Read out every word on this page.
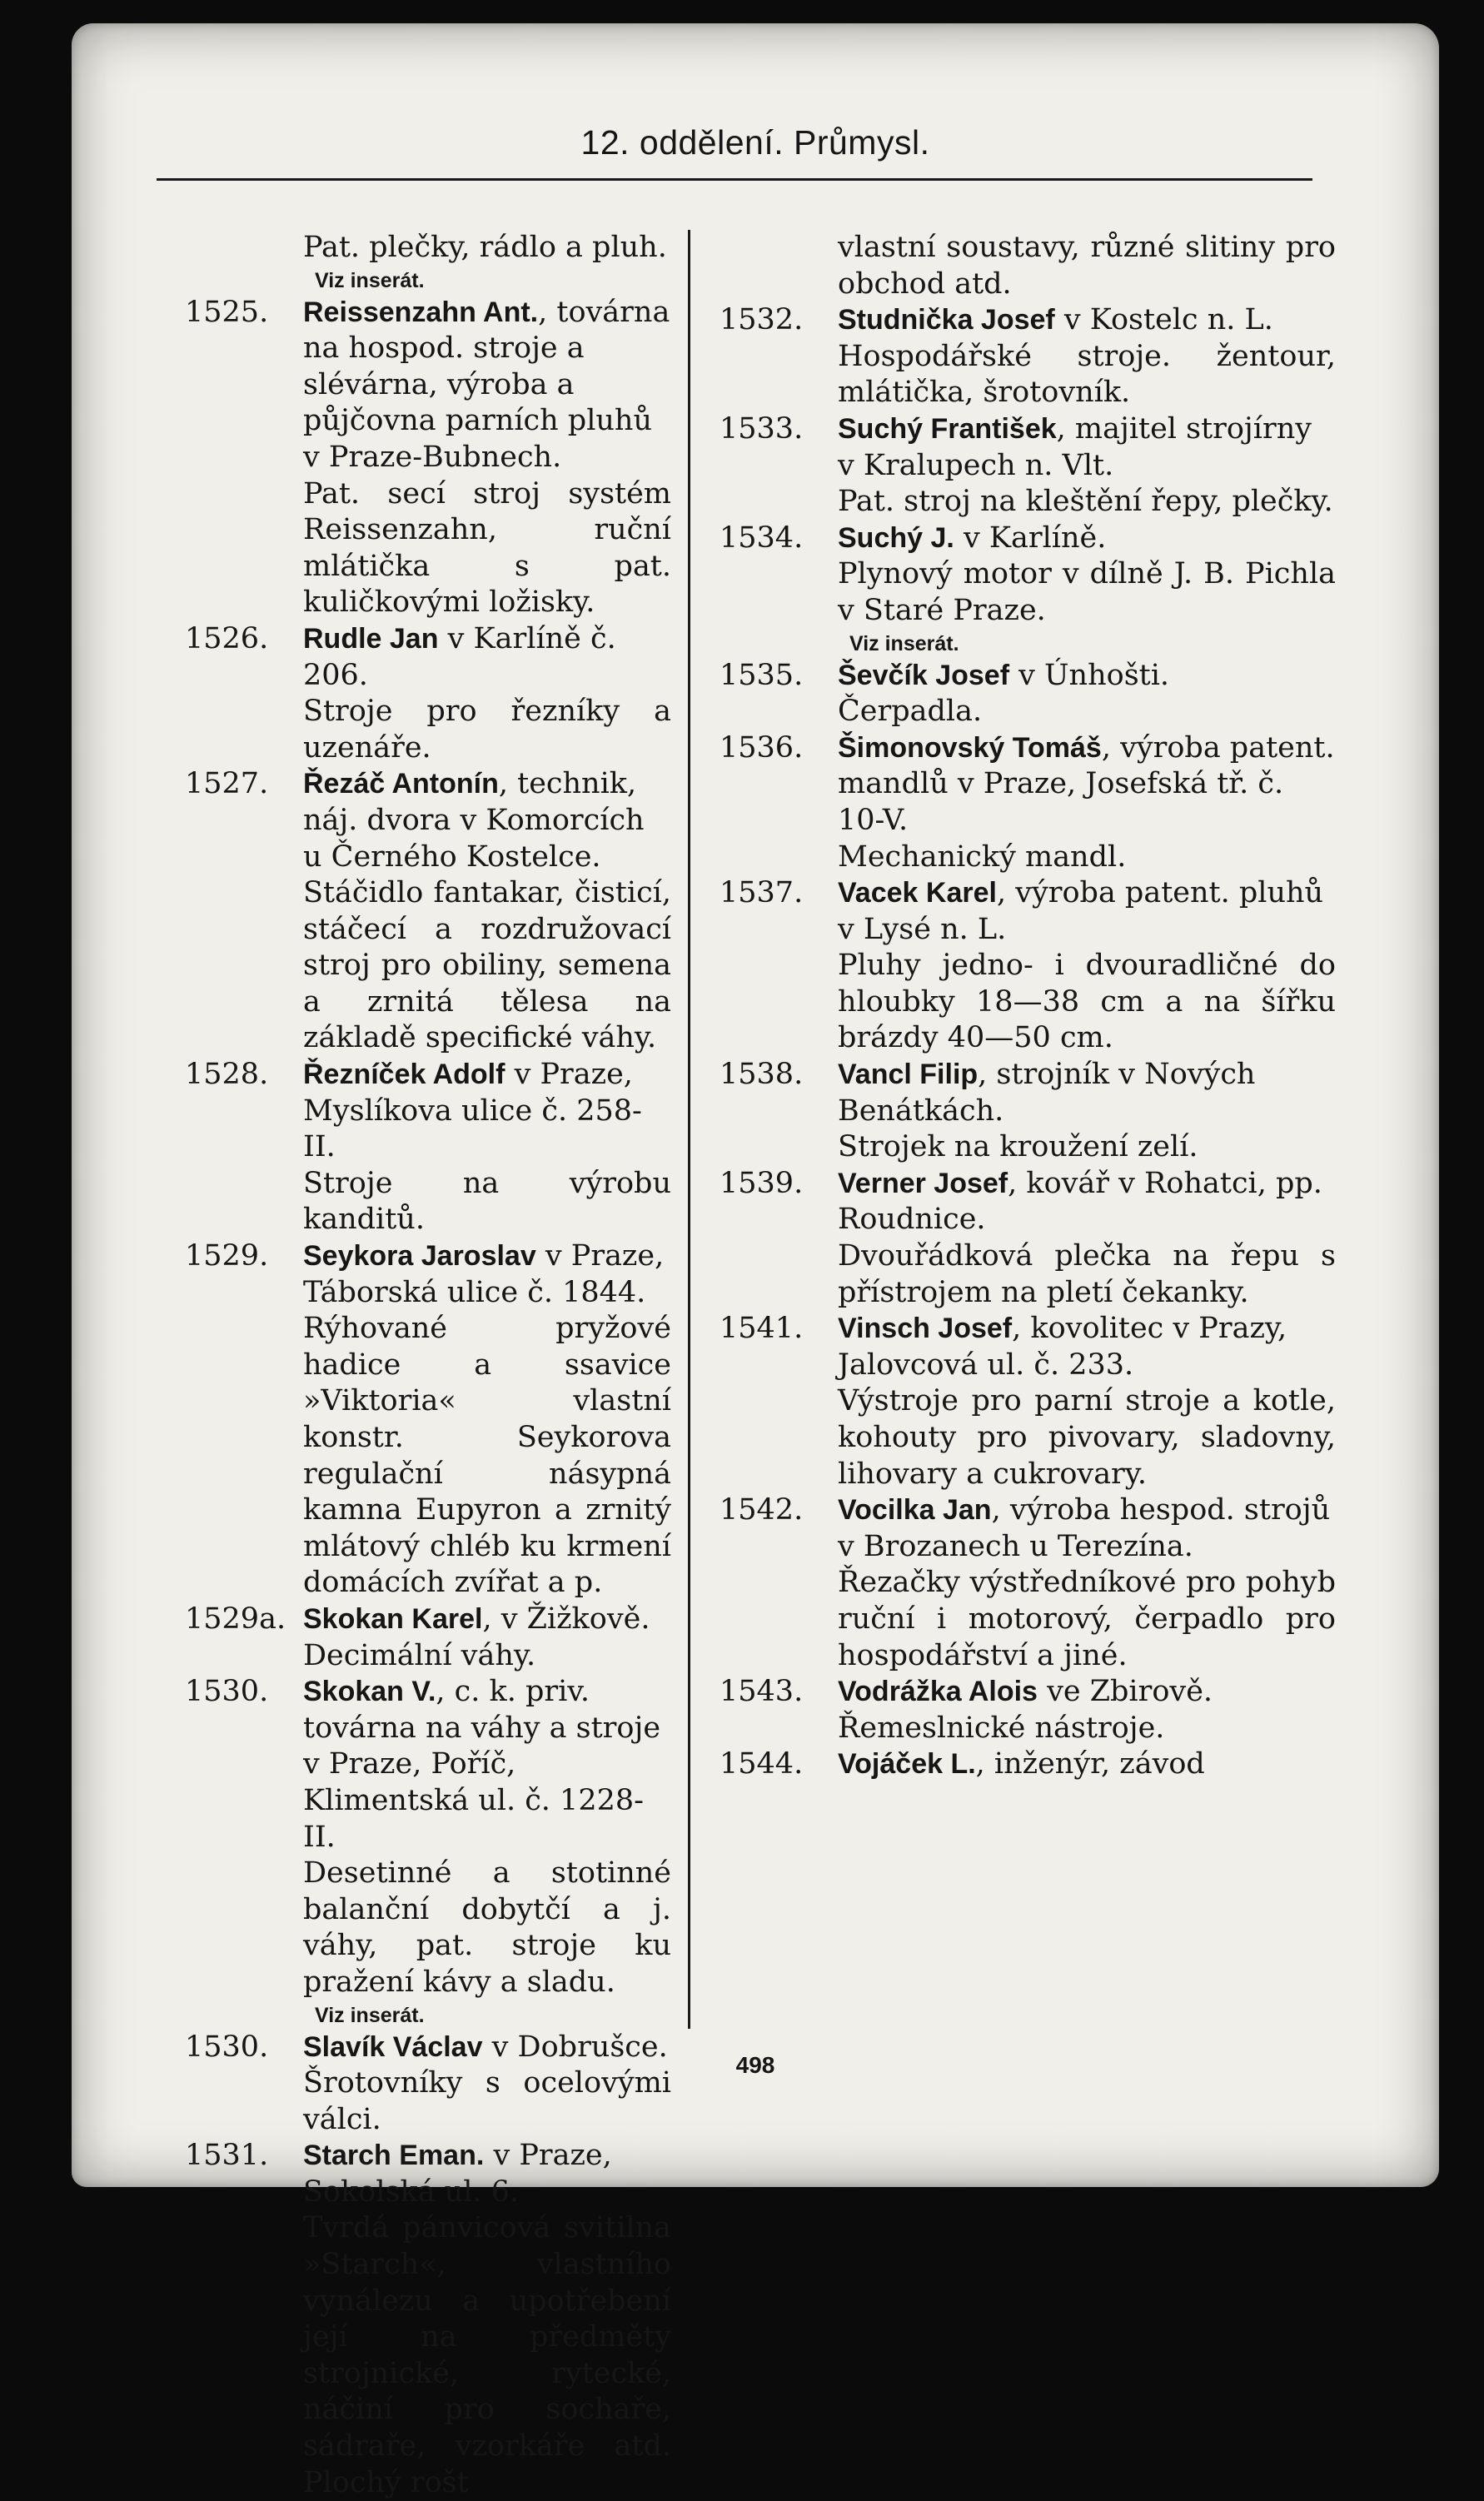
12. oddělení. Průmysl.
Pat. plečky, rádlo a pluh.
Viz inserát.
1525.	Reissenzahn Ant., továrna na hospod. stroje a slévárna, výroba a půjčovna parních pluhů v Praze-Bubnech.
Pat. secí stroj systém Reissenzahn, ruční mlátička s pat. kuličkovými ložisky.
1526.	Rudle Jan v Karlíně č. 206.
Stroje pro řezníky a uzenáře.
1527.	Řezáč Antonín, technik, náj. dvora v Komorcích u Černého Kostelce.
Stáčidlo fantakar, čisticí, stáčecí a rozdružovací stroj pro obiliny, semena a zrnitá tělesa na základě specifické váhy.
1528.	Řezníček Adolf v Praze, Myslíkova ulice č. 258-II.
Stroje na výrobu kanditů.
1529.	Seykora Jaroslav v Praze, Táborská ulice č. 1844.
Rýhované pryžové hadice a ssavice »Viktoria« vlastní konstr. Seykorova regulační násypná kamna Eupyron a zrnitý mlátový chléb ku krmení domácích zvířat a p.
1529a. Skokan Karel, v Žižkově.
Decimální váhy.
1530.	Skokan V., c. k. priv. továrna na váhy a stroje v Praze, Poříč, Klimentská ul. č. 1228-II.
Desetinné a stotinné balanční dobytčí a j. váhy, pat. stroje ku pražení kávy a sladu.
Viz inserát.
1530.	Slavík Václav v Dobrušce.
Šrotovníky s ocelovými válci.
1531.	Starch Eman. v Praze, Sokolská ul. 6.
Tvrdá pánvicová svitilna »Starch«, vlastního vynálezu a upotřebení její na předměty strojnické, rytecké, náčiní pro sochaře, sádraře, vzorkáře atd. Plochý rošt
vlastní soustavy, různé slitiny pro obchod atd.
1532.	Studnička Josef v Kostelc n. L.
Hospodářské stroje. žentour, mlátička, šrotovník.
1533.	Suchý František, majitel strojírny v Kralupech n. Vlt.
Pat. stroj na kleštění řepy, plečky.
1534.	Suchý J. v Karlíně.
Plynový motor v dílně J. B. Pichla v Staré Praze.
Viz inserát.
1535.	Ševčík Josef v Únhošti.
Čerpadla.
1536.	Šimonovský Tomáš, výroba patent. mandlů v Praze, Josefská tř. č. 10-V.
Mechanický mandl.
1537.	Vacek Karel, výroba patent. pluhů v Lysé n. L.
Pluhy jedno- i dvouradličné do hloubky 18—38 cm a na šířku brázdy 40—50 cm.
1538.	Vancl Filip, strojník v Nových Benátkách.
Strojek na kroužení zelí.
1539.	Verner Josef, kovář v Rohatci, pp. Roudnice.
Dvouřádková plečka na řepu s přístrojem na pletí čekanky.
1541.	Vinsch Josef, kovolitec v Prazy, Jalovcová ul. č. 233.
Výstroje pro parní stroje a kotle, kohouty pro pivovary, sladovny, lihovary a cukrovary.
1542.	Vocilka Jan, výroba hespod. strojů v Brozanech u Terezína.
Řezačky výstředníkové pro pohyb ruční i motorový, čerpadlo pro hospodářství a jiné.
1543.	Vodrážka Alois ve Zbirově.
Řemeslnické nástroje.
1544.	Vojáček L., inženýr, závod
498
